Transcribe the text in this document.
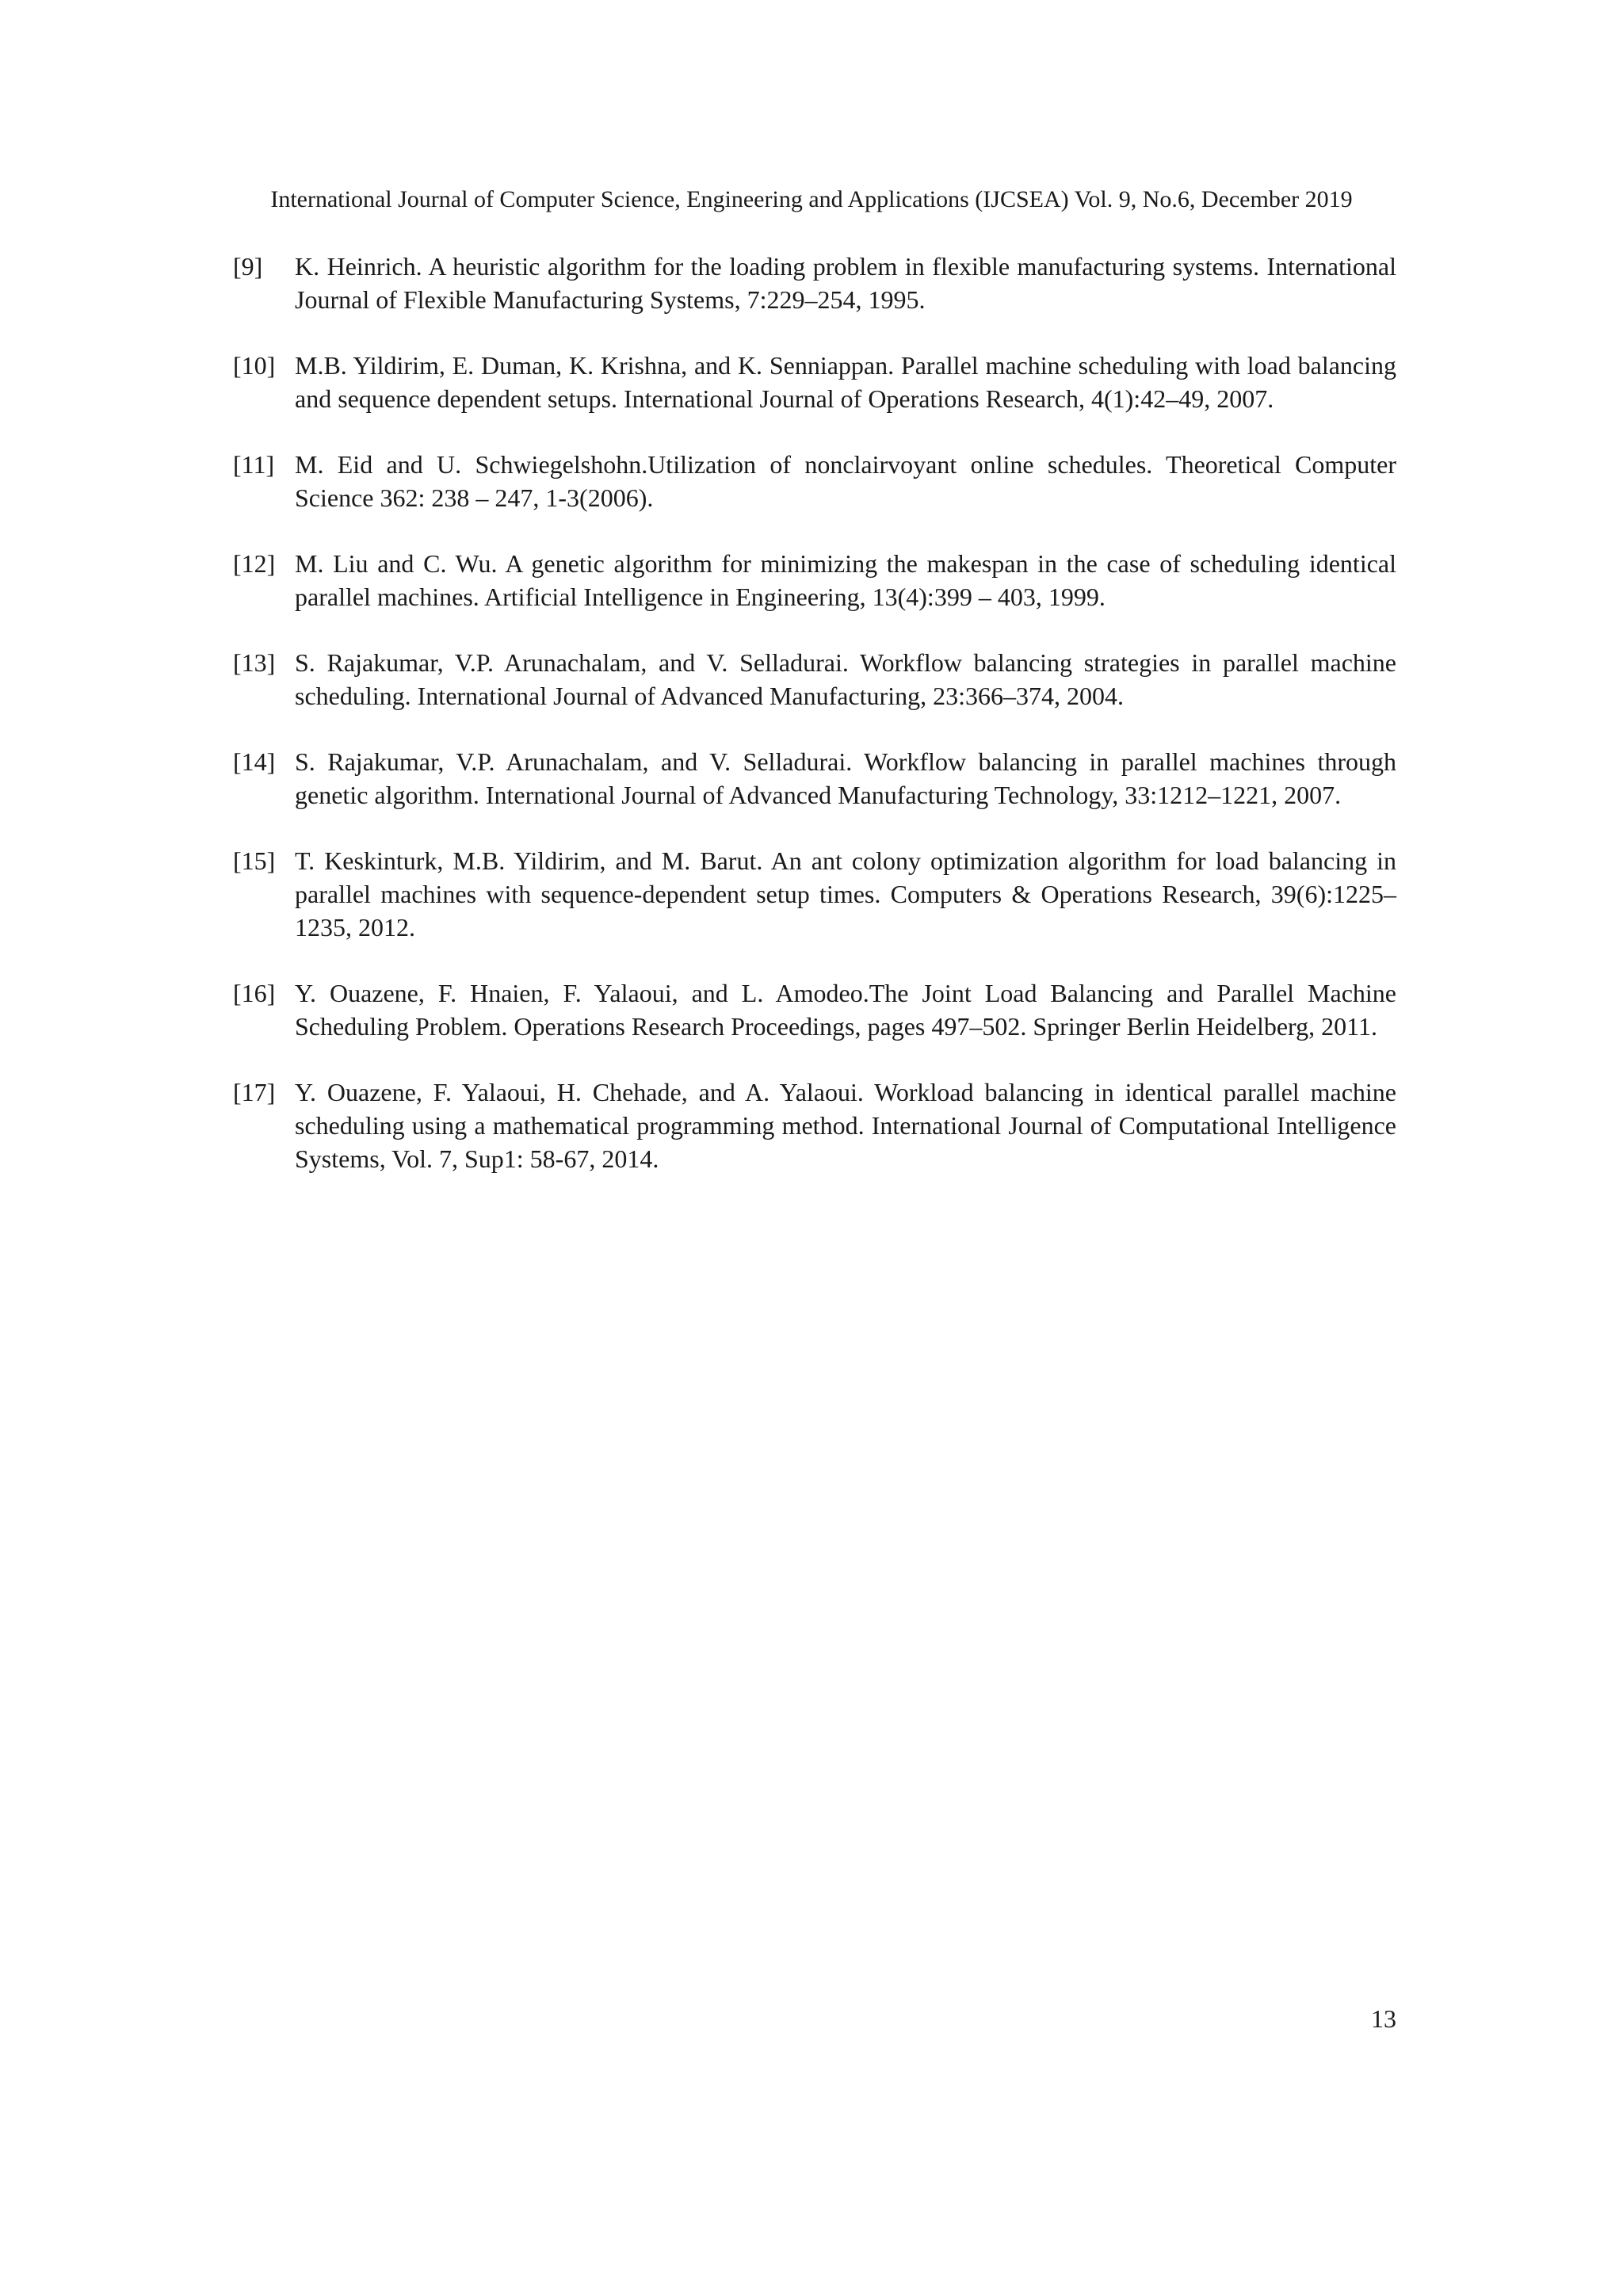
International Journal of Computer Science, Engineering and Applications (IJCSEA) Vol. 9, No.6, December 2019
[9] K. Heinrich. A heuristic algorithm for the loading problem in flexible manufacturing systems. International Journal of Flexible Manufacturing Systems, 7:229–254, 1995.
[10] M.B. Yildirim, E. Duman, K. Krishna, and K. Senniappan. Parallel machine scheduling with load balancing and sequence dependent setups. International Journal of Operations Research, 4(1):42–49, 2007.
[11] M. Eid and U. Schwiegelshohn.Utilization of nonclairvoyant online schedules. Theoretical Computer Science 362: 238 – 247, 1-3(2006).
[12] M. Liu and C. Wu. A genetic algorithm for minimizing the makespan in the case of scheduling identical parallel machines. Artificial Intelligence in Engineering, 13(4):399 – 403, 1999.
[13] S. Rajakumar, V.P. Arunachalam, and V. Selladurai. Workflow balancing strategies in parallel machine scheduling. International Journal of Advanced Manufacturing, 23:366–374, 2004.
[14] S. Rajakumar, V.P. Arunachalam, and V. Selladurai. Workflow balancing in parallel machines through genetic algorithm. International Journal of Advanced Manufacturing Technology, 33:1212–1221, 2007.
[15] T. Keskinturk, M.B. Yildirim, and M. Barut. An ant colony optimization algorithm for load balancing in parallel machines with sequence-dependent setup times. Computers & Operations Research, 39(6):1225– 1235, 2012.
[16] Y. Ouazene, F. Hnaien, F. Yalaoui, and L. Amodeo.The Joint Load Balancing and Parallel Machine Scheduling Problem. Operations Research Proceedings, pages 497–502. Springer Berlin Heidelberg, 2011.
[17] Y. Ouazene, F. Yalaoui, H. Chehade, and A. Yalaoui. Workload balancing in identical parallel machine scheduling using a mathematical programming method. International Journal of Computational Intelligence Systems, Vol. 7, Sup1: 58-67, 2014.
13
